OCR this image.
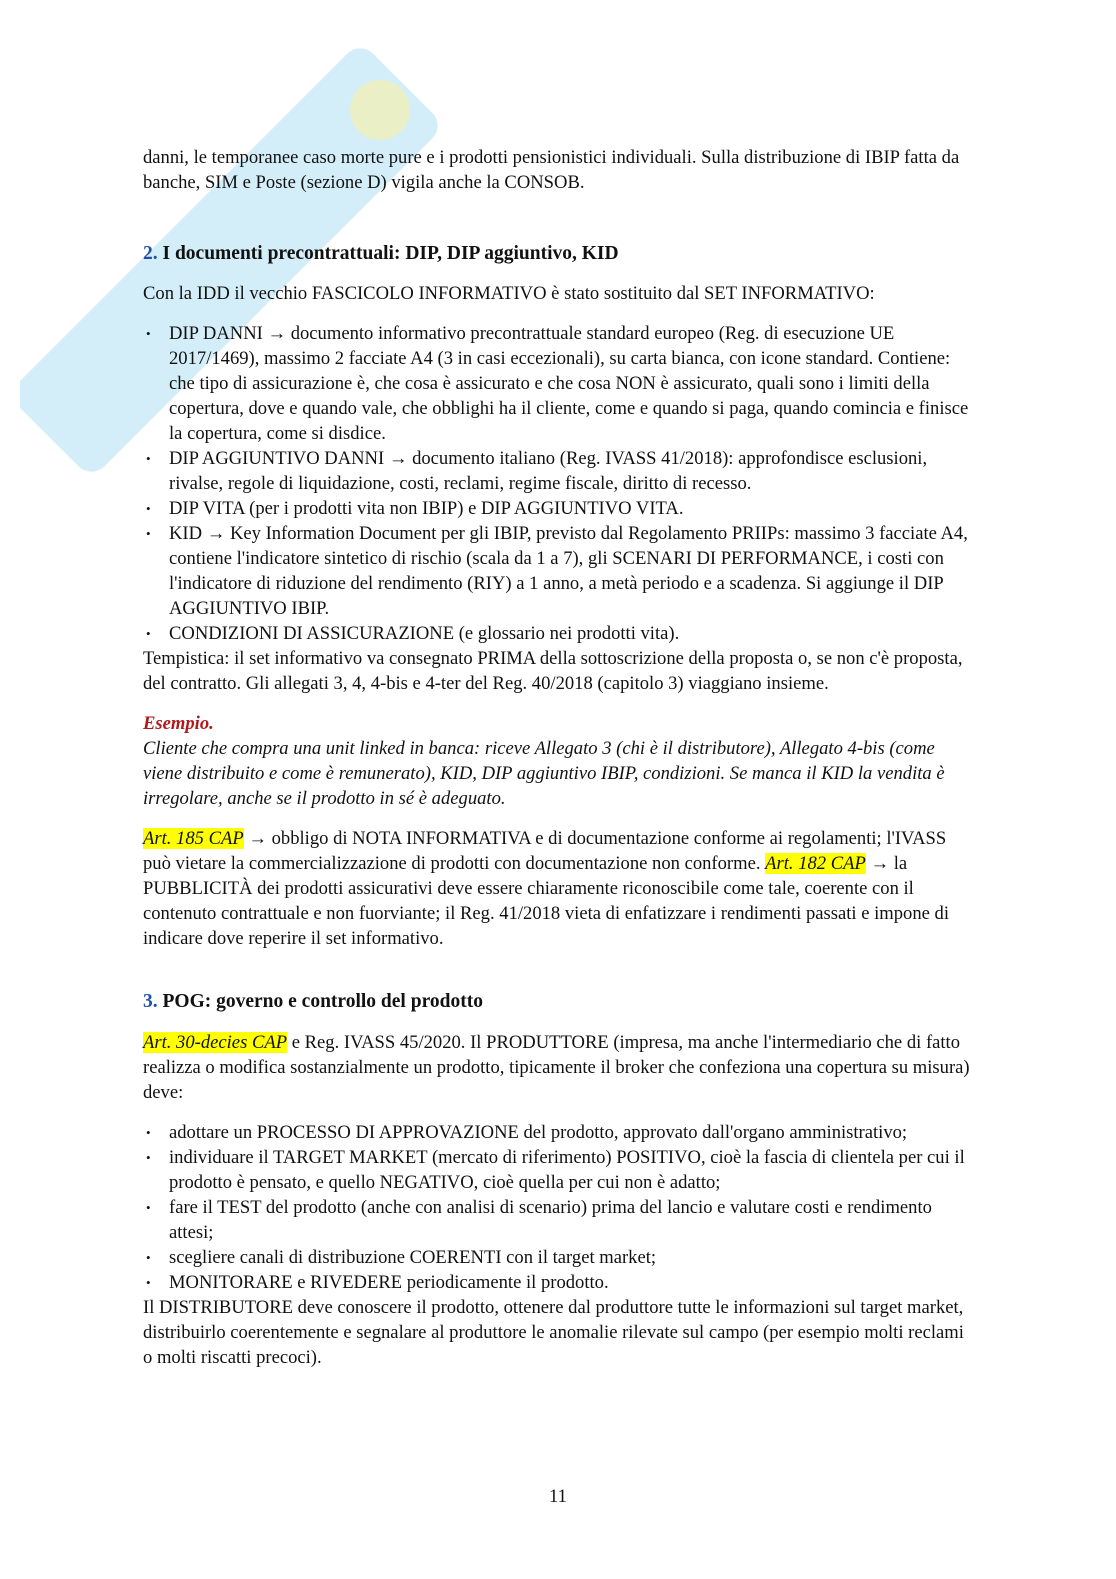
danni, le temporanee caso morte pure e i prodotti pensionistici individuali. Sulla distribuzione di IBIP fatta da banche, SIM e Poste (sezione D) vigila anche la CONSOB.

2. I documenti precontrattuali: DIP, DIP aggiuntivo, KID

Con la IDD il vecchio FASCICOLO INFORMATIVO è stato sostituito dal SET INFORMATIVO:

• DIP DANNI → documento informativo precontrattuale standard europeo (Reg. di esecuzione UE 2017/1469), massimo 2 facciate A4 (3 in casi eccezionali), su carta bianca, con icone standard. Contiene: che tipo di assicurazione è, che cosa è assicurato e che cosa NON è assicurato, quali sono i limiti della copertura, dove e quando vale, che obblighi ha il cliente, come e quando si paga, quando comincia e finisce la copertura, come si disdice.
• DIP AGGIUNTIVO DANNI → documento italiano (Reg. IVASS 41/2018): approfondisce esclusioni, rivalse, regole di liquidazione, costi, reclami, regime fiscale, diritto di recesso.
• DIP VITA (per i prodotti vita non IBIP) e DIP AGGIUNTIVO VITA.
• KID → Key Information Document per gli IBIP, previsto dal Regolamento PRIIPs: massimo 3 facciate A4, contiene l'indicatore sintetico di rischio (scala da 1 a 7), gli SCENARI DI PERFORMANCE, i costi con l'indicatore di riduzione del rendimento (RIY) a 1 anno, a metà periodo e a scadenza. Si aggiunge il DIP AGGIUNTIVO IBIP.
• CONDIZIONI DI ASSICURAZIONE (e glossario nei prodotti vita).

Tempistica: il set informativo va consegnato PRIMA della sottoscrizione della proposta o, se non c'è proposta, del contratto. Gli allegati 3, 4, 4-bis e 4-ter del Reg. 40/2018 (capitolo 3) viaggiano insieme.

Esempio.

Cliente che compra una unit linked in banca: riceve Allegato 3 (chi è il distributore), Allegato 4-bis (come viene distribuito e come è remunerato), KID, DIP aggiuntivo IBIP, condizioni. Se manca il KID la vendita è irregolare, anche se il prodotto in sé è adeguato.

Art. 185 CAP → obbligo di NOTA INFORMATIVA e di documentazione conforme ai regolamenti; l'IVASS può vietare la commercializzazione di prodotti con documentazione non conforme. Art. 182 CAP → la PUBBLICITÀ dei prodotti assicurativi deve essere chiaramente riconoscibile come tale, coerente con il contenuto contrattuale e non fuorviante; il Reg. 41/2018 vieta di enfatizzare i rendimenti passati e impone di indicare dove reperire il set informativo.

3. POG: governo e controllo del prodotto

Art. 30-decies CAP e Reg. IVASS 45/2020. Il PRODUTTORE (impresa, ma anche l'intermediario che di fatto realizza o modifica sostanzialmente un prodotto, tipicamente il broker che confeziona una copertura su misura) deve:

• adottare un PROCESSO DI APPROVAZIONE del prodotto, approvato dall'organo amministrativo;
• individuare il TARGET MARKET (mercato di riferimento) POSITIVO, cioè la fascia di clientela per cui il prodotto è pensato, e quello NEGATIVO, cioè quella per cui non è adatto;
• fare il TEST del prodotto (anche con analisi di scenario) prima del lancio e valutare costi e rendimento attesi;
• scegliere canali di distribuzione COERENTI con il target market;
• MONITORARE e RIVEDERE periodicamente il prodotto.

Il DISTRIBUTORE deve conoscere il prodotto, ottenere dal produttore tutte le informazioni sul target market, distribuirlo coerentemente e segnalare al produttore le anomalie rilevate sul campo (per esempio molti reclami o molti riscatti precoci).

11
